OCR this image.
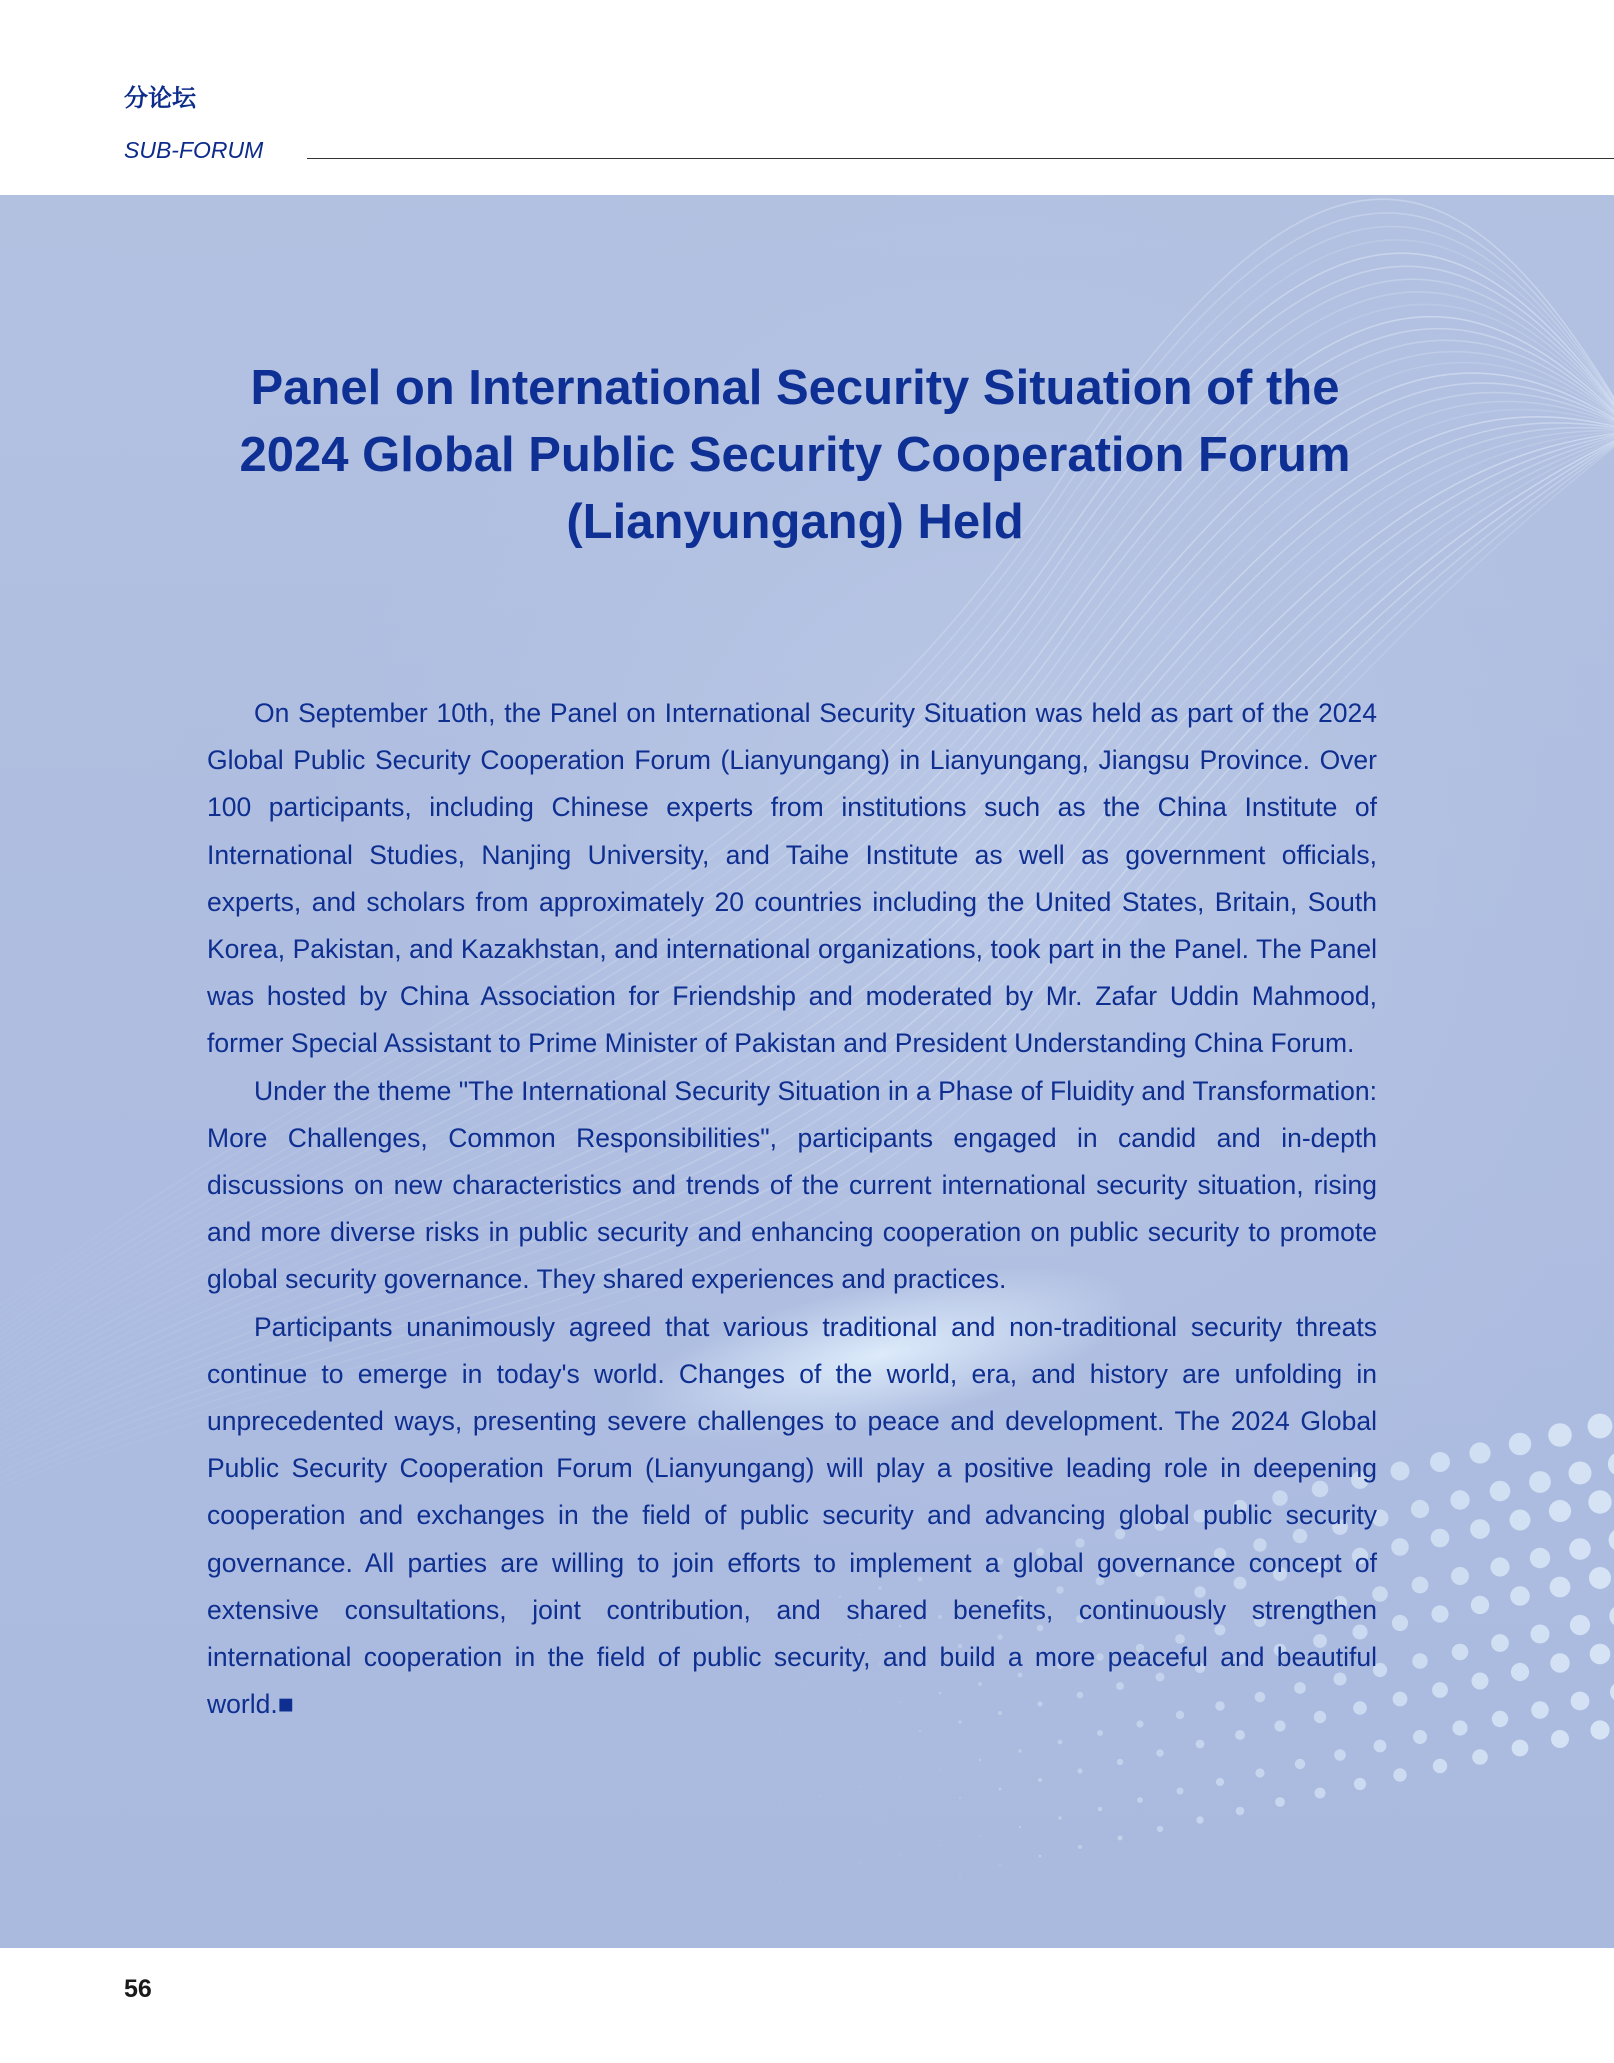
分论坛
SUB-FORUM
Panel on International Security Situation of the
2024 Global Public Security Cooperation Forum
(Lianyungang) Held

On September 10th, the Panel on International Security Situation was held as part of the 2024 Global Public Security Cooperation Forum (Lianyungang) in Lianyungang, Jiangsu Province. Over 100 participants, including Chinese experts from institutions such as the China Institute of International Studies, Nanjing University, and Taihe Institute as well as government officials, experts, and scholars from approximately 20 countries including the United States, Britain, South Korea, Pakistan, and Kazakhstan, and international organizations, took part in the Panel. The Panel was hosted by China Association for Friendship and moderated by Mr. Zafar Uddin Mahmood, former Special Assistant to Prime Minister of Pakistan and President Understanding China Forum.

Under the theme "The International Security Situation in a Phase of Fluidity and Transformation: More Challenges, Common Responsibilities", participants engaged in candid and in-depth discussions on new characteristics and trends of the current international security situation, rising and more diverse risks in public security and enhancing cooperation on public security to promote global security governance. They shared experiences and practices.

Participants unanimously agreed that various traditional and non-traditional security threats continue to emerge in today's world. Changes of the world, era, and history are unfolding in unprecedented ways, presenting severe challenges to peace and development. The 2024 Global Public Security Cooperation Forum (Lianyungang) will play a positive leading role in deepening cooperation and exchanges in the field of public security and advancing global public security governance. All parties are willing to join efforts to implement a global governance concept of extensive consultations, joint contribution, and shared benefits, continuously strengthen international cooperation in the field of public security, and build a more peaceful and beautiful world.■

56
